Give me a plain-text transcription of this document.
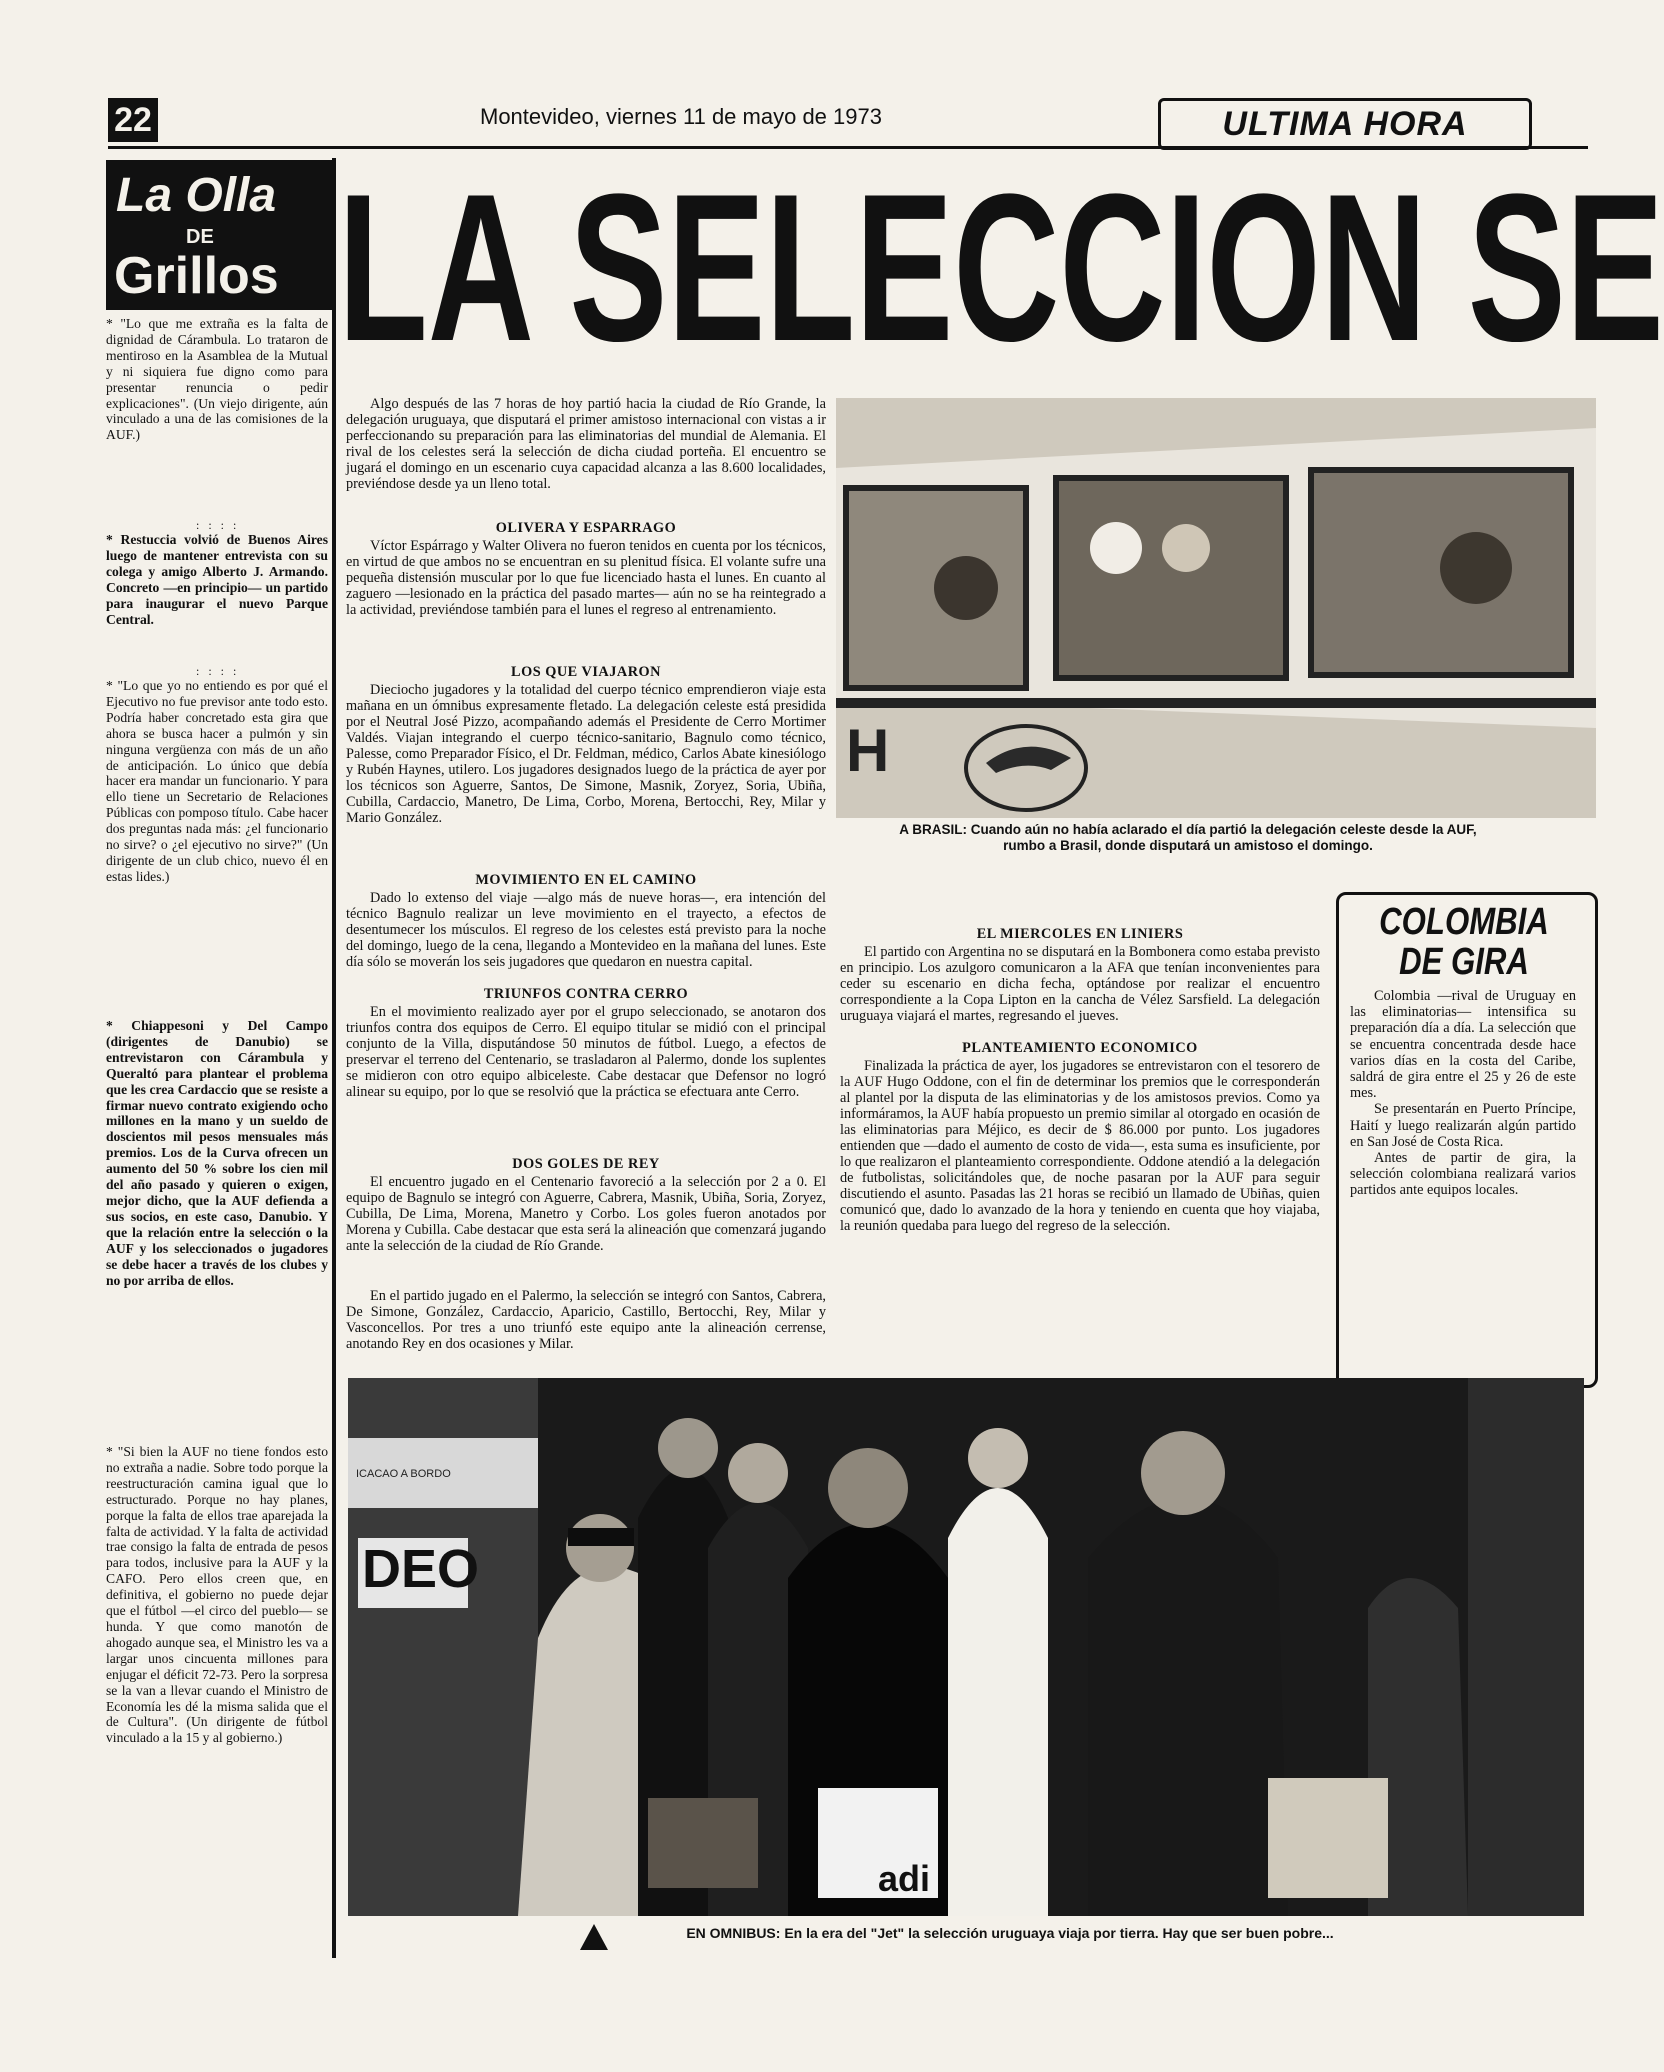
22	Montevideo, viernes 11 de mayo de 1973	ULTIMA HORA
LA SELECCION SE
La Olla
DE
Grillos
* "Lo que me extraña es la falta de dignidad de Cárambula. Lo trataron de mentiroso en la Asamblea de la Mutual y ni siquiera fue digno como para presentar renuncia o pedir explicaciones". (Un viejo dirigente, aún vinculado a una de las comisiones de la AUF.)
: : : :
* Restuccia volvió de Buenos Aires luego de mantener entrevista con su colega y amigo Alberto J. Armando. Concreto —en principio— un partido para inaugurar el nuevo Parque Central.
: : : :
* "Lo que yo no entiendo es por qué el Ejecutivo no fue previsor ante todo esto. Podría haber concretado esta gira que ahora se busca hacer a pulmón y sin ninguna vergüenza con más de un año de anticipación. Lo único que debía hacer era mandar un funcionario. Y para ello tiene un Secretario de Relaciones Públicas con pomposo título. Cabe hacer dos preguntas nada más: ¿el funcionario no sirve? o ¿el ejecutivo no sirve?" (Un dirigente de un club chico, nuevo él en estas lides.)
* Chiappesoni y Del Campo (dirigentes de Danubio) se entrevistaron con Cárambula y Queraltó para plantear el problema que les crea Cardaccio que se resiste a firmar nuevo contrato exigiendo ocho millones en la mano y un sueldo de doscientos mil pesos mensuales más premios. Los de la Curva ofrecen un aumento del 50 % sobre los cien mil del año pasado y quieren o exigen, mejor dicho, que la AUF defienda a sus socios, en este caso, Danubio. Y que la relación entre la selección o la AUF y los seleccionados o jugadores se debe hacer a través de los clubes y no por arriba de ellos.
* "Si bien la AUF no tiene fondos esto no extraña a nadie. Sobre todo porque la reestructuración camina igual que lo estructurado. Porque no hay planes, porque la falta de ellos trae aparejada la falta de actividad. Y la falta de actividad trae consigo la falta de entrada de pesos para todos, inclusive para la AUF y la CAFO. Pero ellos creen que, en definitiva, el gobierno no puede dejar que el fútbol —el circo del pueblo— se hunda. Y que como manotón de ahogado aunque sea, el Ministro les va a largar unos cincuenta millones para enjugar el déficit 72-73. Pero la sorpresa se la van a llevar cuando el Ministro de Economía les dé la misma salida que el de Cultura". (Un dirigente de fútbol vinculado a la 15 y al gobierno.)
Algo después de las 7 horas de hoy partió hacia la ciudad de Río Grande, la delegación uruguaya, que disputará el primer amistoso internacional con vistas a ir perfeccionando su preparación para las eliminatorias del mundial de Alemania. El rival de los celestes será la selección de dicha ciudad porteña. El encuentro se jugará el domingo en un escenario cuya capacidad alcanza a las 8.600 localidades, previéndose desde ya un lleno total.
OLIVERA Y ESPARRAGO
Víctor Espárrago y Walter Olivera no fueron tenidos en cuenta por los técnicos, en virtud de que ambos no se encuentran en su plenitud física. El volante sufre una pequeña distensión muscular por lo que fue licenciado hasta el lunes. En cuanto al zaguero —lesionado en la práctica del pasado martes— aún no se ha reintegrado a la actividad, previéndose también para el lunes el regreso al entrenamiento.
LOS QUE VIAJARON
Dieciocho jugadores y la totalidad del cuerpo técnico emprendieron viaje esta mañana en un ómnibus expresamente fletado. La delegación celeste está presidida por el Neutral José Pizzo, acompañando además el Presidente de Cerro Mortimer Valdés. Viajan integrando el cuerpo técnico-sanitario, Bagnulo como técnico, Palesse, como Preparador Físico, el Dr. Feldman, médico, Carlos Abate kinesiólogo y Rubén Haynes, utilero. Los jugadores designados luego de la práctica de ayer por los técnicos son Aguerre, Santos, De Simone, Masnik, Zoryez, Soria, Ubiña, Cubilla, Cardaccio, Manetro, De Lima, Corbo, Morena, Bertocchi, Rey, Milar y Mario González.
MOVIMIENTO EN EL CAMINO
Dado lo extenso del viaje —algo más de nueve horas—, era intención del técnico Bagnulo realizar un leve movimiento en el trayecto, a efectos de desentumecer los músculos. El regreso de los celestes está previsto para la noche del domingo, luego de la cena, llegando a Montevideo en la mañana del lunes. Este día sólo se moverán los seis jugadores que quedaron en nuestra capital.
TRIUNFOS CONTRA CERRO
En el movimiento realizado ayer por el grupo seleccionado, se anotaron dos triunfos contra dos equipos de Cerro. El equipo titular se midió con el principal conjunto de la Villa, disputándose 50 minutos de fútbol. Luego, a efectos de preservar el terreno del Centenario, se trasladaron al Palermo, donde los suplentes se midieron con otro equipo albiceleste. Cabe destacar que Defensor no logró alinear su equipo, por lo que se resolvió que la práctica se efectuara ante Cerro.
DOS GOLES DE REY
El encuentro jugado en el Centenario favoreció a la selección por 2 a 0. El equipo de Bagnulo se integró con Aguerre, Cabrera, Masnik, Ubiña, Soria, Zoryez, Cubilla, De Lima, Morena, Manetro y Corbo. Los goles fueron anotados por Morena y Cubilla. Cabe destacar que esta será la alineación que comenzará jugando ante la selección de la ciudad de Río Grande.
En el partido jugado en el Palermo, la selección se integró con Santos, Cabrera, De Simone, González, Cardaccio, Aparicio, Castillo, Bertocchi, Rey, Milar y Vasconcellos. Por tres a uno triunfó este equipo ante la alineación cerrense, anotando Rey en dos ocasiones y Milar.
H
A BRASIL: Cuando aún no había aclarado el día partió la delegación celeste desde la AUF, rumbo a Brasil, donde disputará un amistoso el domingo.
EL MIERCOLES EN LINIERS
El partido con Argentina no se disputará en la Bombonera como estaba previsto en principio. Los azulgoro comunicaron a la AFA que tenían inconvenientes para ceder su escenario en dicha fecha, optándose por realizar el encuentro correspondiente a la Copa Lipton en la cancha de Vélez Sarsfield. La delegación uruguaya viajará el martes, regresando el jueves.
PLANTEAMIENTO ECONOMICO
Finalizada la práctica de ayer, los jugadores se entrevistaron con el tesorero de la AUF Hugo Oddone, con el fin de determinar los premios que le corresponderán al plantel por la disputa de las eliminatorias y de los amistosos previos. Como ya informáramos, la AUF había propuesto un premio similar al otorgado en ocasión de las eliminatorias para Méjico, es decir de $ 86.000 por punto. Los jugadores entienden que —dado el aumento de costo de vida—, esta suma es insuficiente, por lo que realizaron el planteamiento correspondiente. Oddone atendió a la delegación de futbolistas, solicitándoles que, de noche pasaran por la AUF para seguir discutiendo el asunto. Pasadas las 21 horas se recibió un llamado de Ubiñas, quien comunicó que, dado lo avanzado de la hora y teniendo en cuenta que hoy viajaba, la reunión quedaba para luego del regreso de la selección.
COLOMBIA DE GIRA
Colombia —rival de Uruguay en las eliminatorias— intensifica su preparación día a día. La selección que se encuentra concentrada desde hace varios días en la costa del Caribe, saldrá de gira entre el 25 y 26 de este mes.
Se presentarán en Puerto Príncipe, Haití y luego realizarán algún partido en San José de Costa Rica.
Antes de partir de gira, la selección colombiana realizará varios partidos ante equipos locales.
ICACAO A BORDO
DEO
adi
EN OMNIBUS: En la era del "Jet" la selección uruguaya viaja por tierra. Hay que ser buen pobre...
